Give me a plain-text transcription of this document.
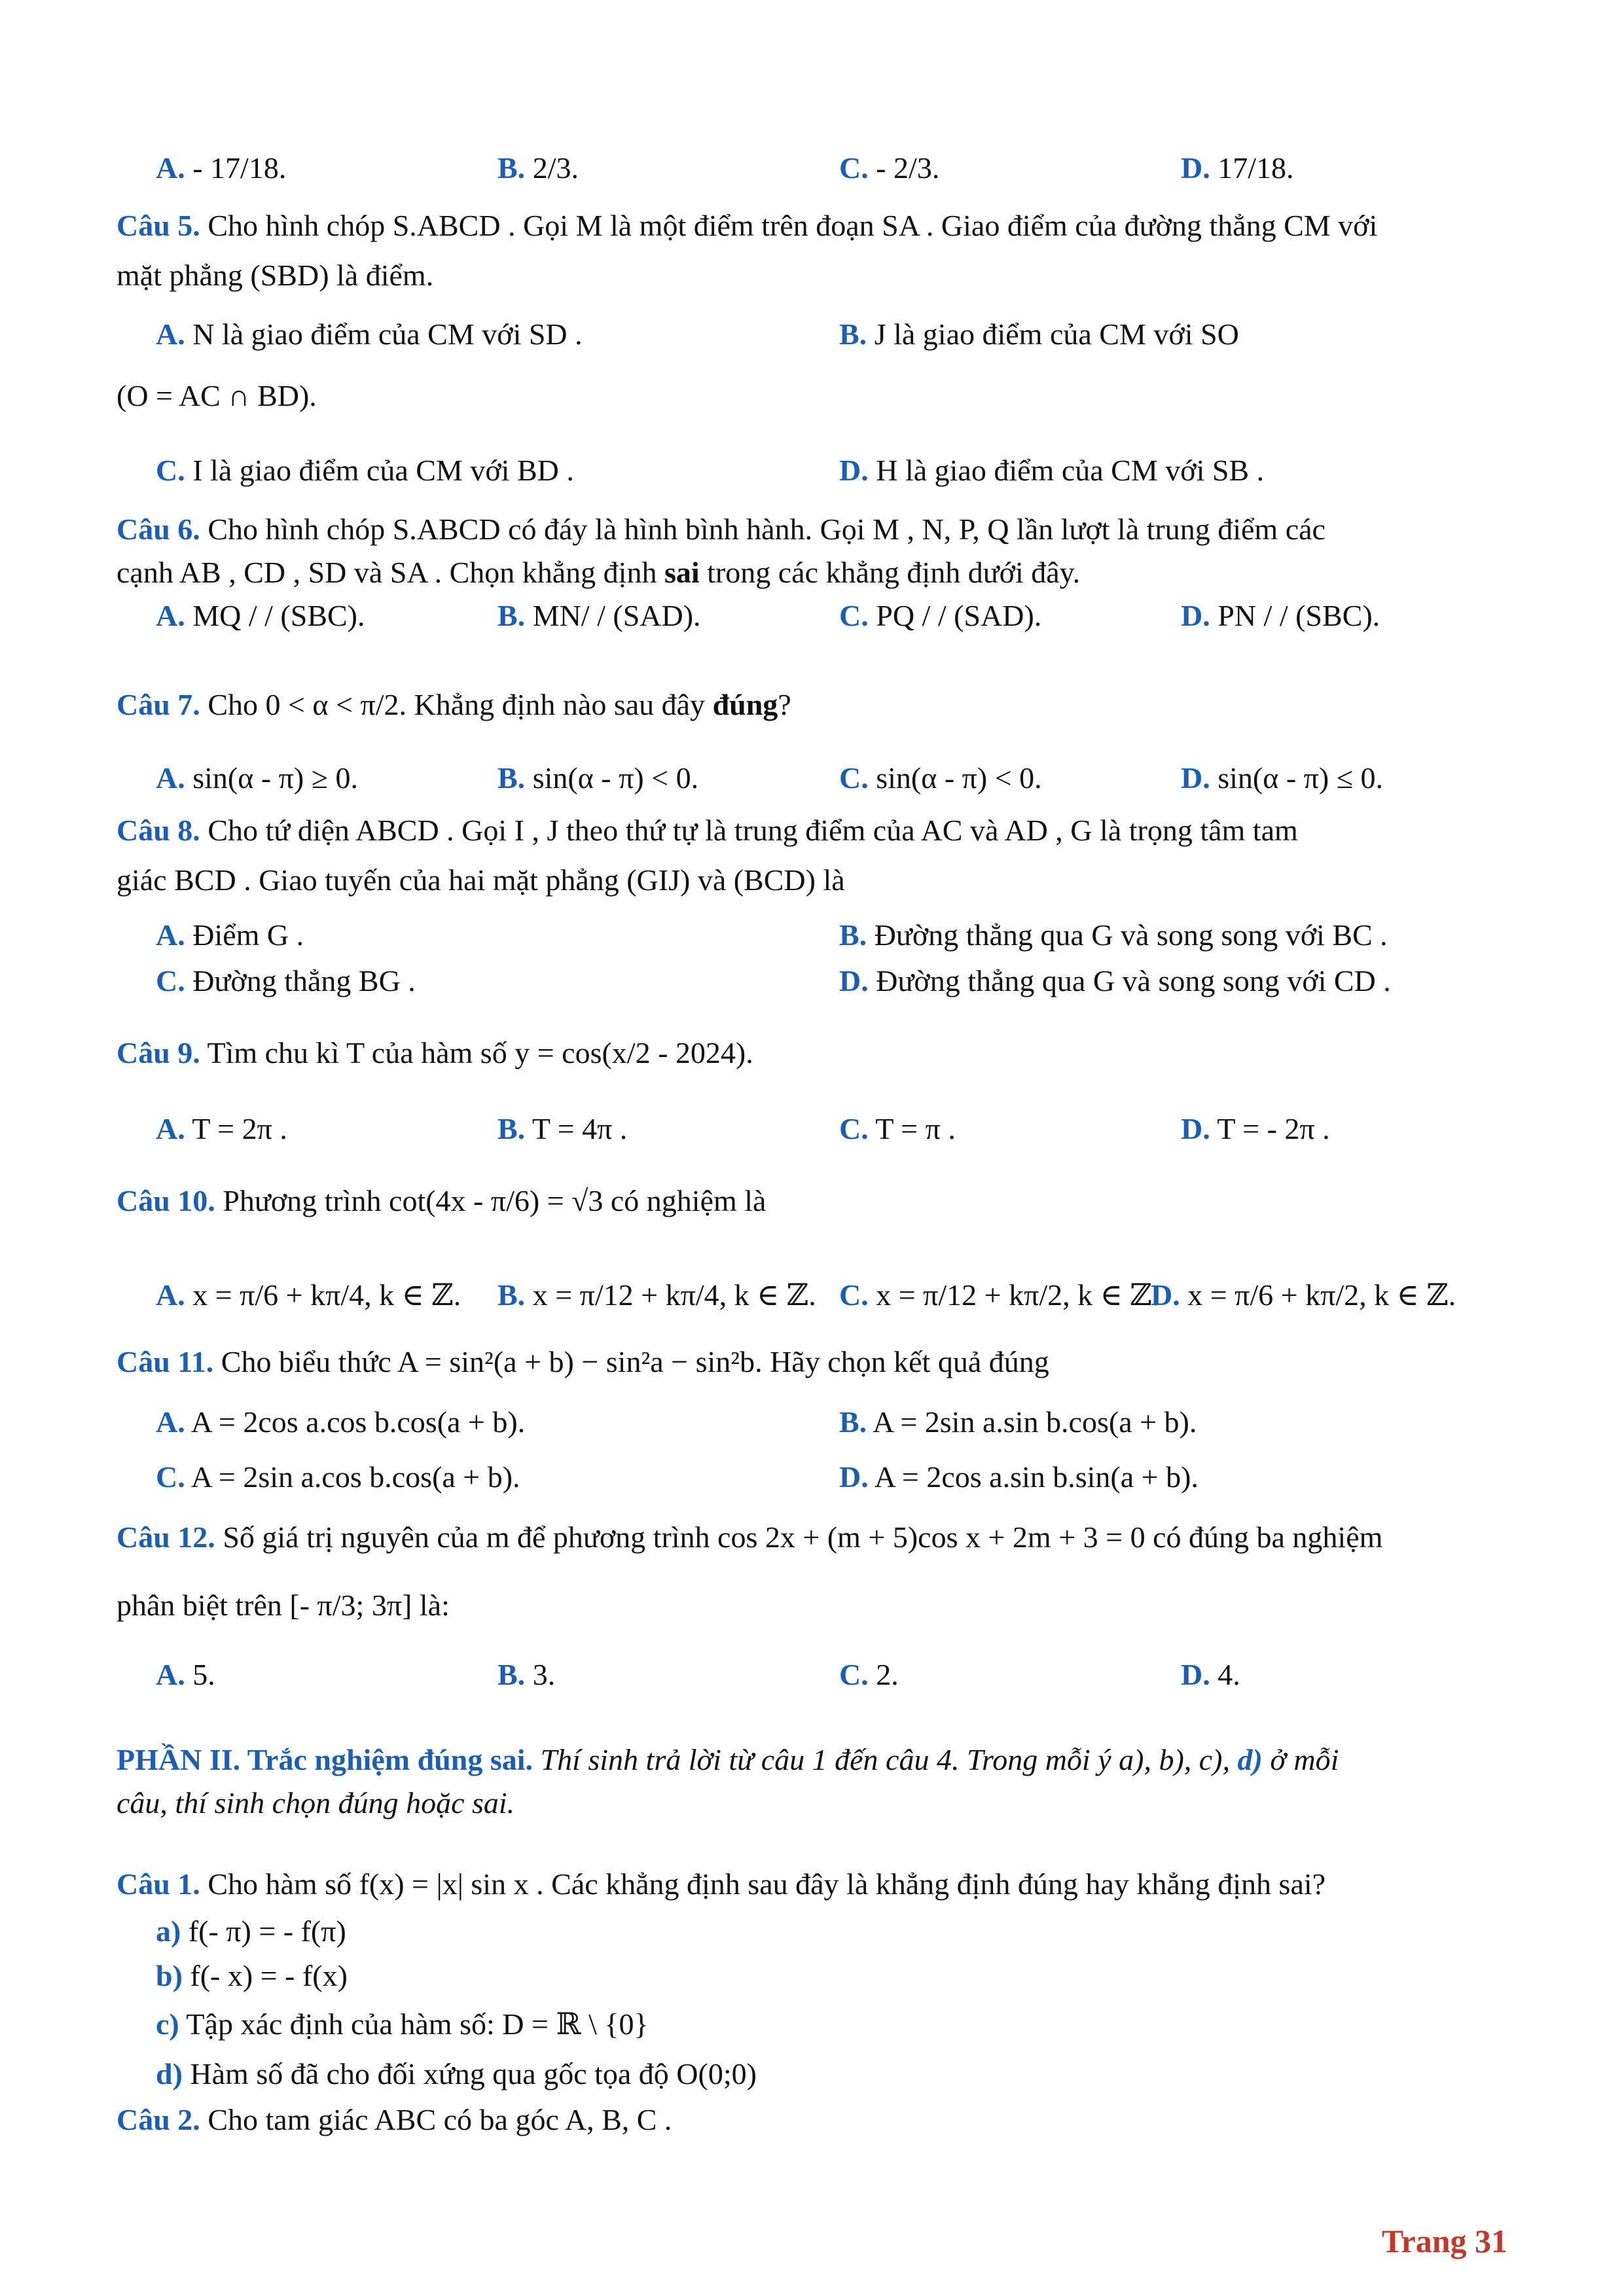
A. - 17/18.	B. 2/3.	C. - 2/3.	D. 17/18.
Câu 5. Cho hình chóp S.ABCD . Gọi M là một điểm trên đoạn SA . Giao điểm của đường thẳng CM với
mặt phẳng (SBD) là điểm.
A. N là giao điểm của CM với SD .	B. J là giao điểm của CM với SO
(O = AC ∩ BD).
C. I là giao điểm của CM với BD .	D. H là giao điểm của CM với SB .
Câu 6. Cho hình chóp S.ABCD có đáy là hình bình hành. Gọi M , N, P, Q lần lượt là trung điểm các
cạnh AB , CD , SD và SA . Chọn khẳng định sai trong các khẳng định dưới đây.
A. MQ / / (SBC).	B. MN/ / (SAD).	C. PQ / / (SAD).	D. PN / / (SBC).
Câu 7. Cho 0 < α < π/2. Khẳng định nào sau đây đúng?
A. sin(α - π) ≥ 0.	B. sin(α - π) < 0.	C. sin(α - π) < 0.	D. sin(α - π) ≤ 0.
Câu 8. Cho tứ diện ABCD . Gọi I , J theo thứ tự là trung điểm của AC và AD , G là trọng tâm tam
giác BCD . Giao tuyến của hai mặt phẳng (GIJ) và (BCD) là
A. Điểm G .	B. Đường thẳng qua G và song song với BC .
C. Đường thẳng BG .	D. Đường thẳng qua G và song song với CD .
Câu 9. Tìm chu kì T của hàm số y = cos(x/2 - 2024).
A. T = 2π .	B. T = 4π .	C. T = π .	D. T = - 2π .
Câu 10. Phương trình cot(4x - π/6) = √3 có nghiệm là
A. x = π/6 + kπ/4, k ∈ ℤ. B. x = π/12 + kπ/4, k ∈ ℤ. C. x = π/12 + kπ/2, k ∈ ℤ.
D. x = π/6 + kπ/2, k ∈ ℤ.
Câu 11. Cho biểu thức A = sin²(a + b) − sin²a − sin²b. Hãy chọn kết quả đúng
A. A = 2cos a.cos b.cos(a + b).	B. A = 2sin a.sin b.cos(a + b).
C. A = 2sin a.cos b.cos(a + b).	D. A = 2cos a.sin b.sin(a + b).
Câu 12. Số giá trị nguyên của m để phương trình cos 2x + (m + 5)cos x + 2m + 3 = 0 có đúng ba nghiệm
phân biệt trên [- π/3; 3π] là:
A. 5.	B. 3.	C. 2.	D. 4.
PHẦN II. Trắc nghiệm đúng sai. Thí sinh trả lời từ câu 1 đến câu 4. Trong mỗi ý a), b), c), d) ở mỗi
câu, thí sinh chọn đúng hoặc sai.
Câu 1. Cho hàm số f(x) = |x| sin x . Các khẳng định sau đây là khẳng định đúng hay khẳng định sai?
a) f(- π) = - f(π)
b) f(- x) = - f(x)
c) Tập xác định của hàm số: D = ℝ \ {0}
d) Hàm số đã cho đối xứng qua gốc tọa độ O(0;0)
Câu 2. Cho tam giác ABC có ba góc A, B, C .
Trang 31
